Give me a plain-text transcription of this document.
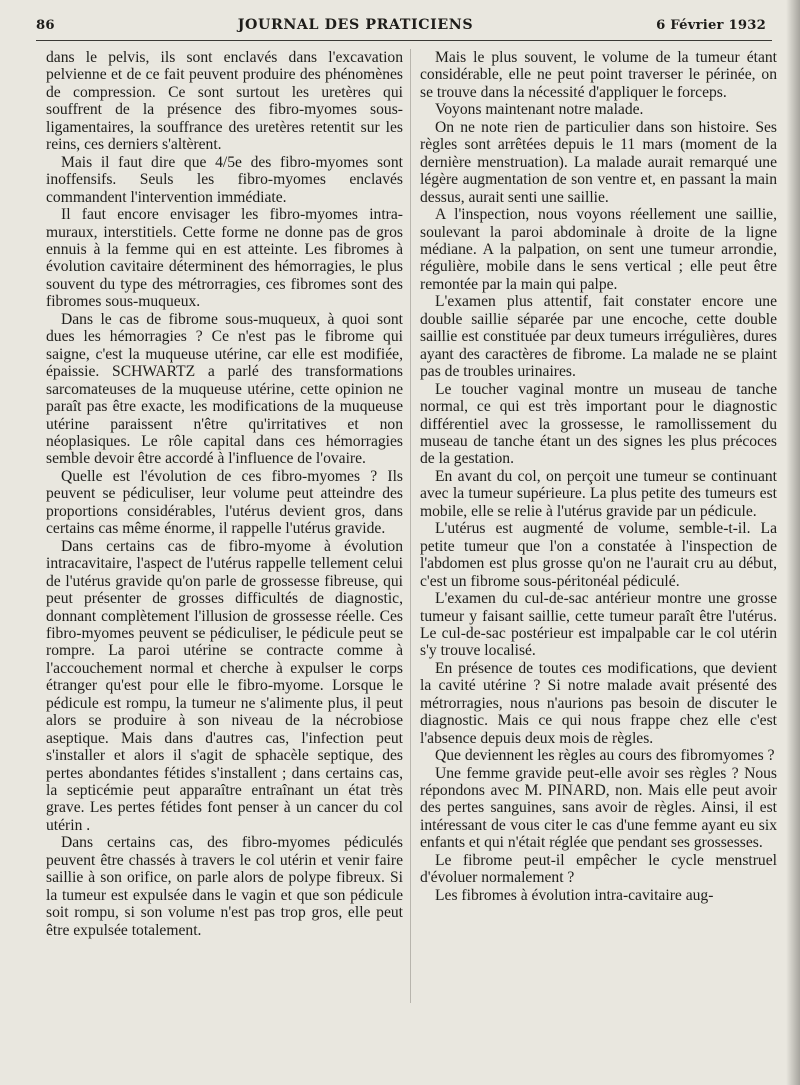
86	JOURNAL DES PRATICIENS	6 Février 1932

dans le pelvis, ils sont enclavés dans l'excavation pelvienne et de ce fait peuvent produire des phénomènes de compression. Ce sont surtout les uretères qui souffrent de la présence des fibro-myomes sous-ligamentaires, la souffrance des uretères retentit sur les reins, ces derniers s'altèrent.

Mais il faut dire que 4/5e des fibro-myomes sont inoffensifs. Seuls les fibro-myomes enclavés commandent l'intervention immédiate.

Il faut encore envisager les fibro-myomes intra-muraux, interstitiels. Cette forme ne donne pas de gros ennuis à la femme qui en est atteinte. Les fibromes à évolution cavitaire déterminent des hémorragies, le plus souvent du type des métrorragies, ces fibromes sont des fibromes sous-muqueux.

Dans le cas de fibrome sous-muqueux, à quoi sont dues les hémorragies ? Ce n'est pas le fibrome qui saigne, c'est la muqueuse utérine, car elle est modifiée, épaissie. SCHWARTZ a parlé des transformations sarcomateuses de la muqueuse utérine, cette opinion ne paraît pas être exacte, les modifications de la muqueuse utérine paraissent n'être qu'irritatives et non néoplasiques. Le rôle capital dans ces hémorragies semble devoir être accordé à l'influence de l'ovaire.

Quelle est l'évolution de ces fibro-myomes ? Ils peuvent se pédiculiser, leur volume peut atteindre des proportions considérables, l'utérus devient gros, dans certains cas même énorme, il rappelle l'utérus gravide.

Dans certains cas de fibro-myome à évolution intracavitaire, l'aspect de l'utérus rappelle tellement celui de l'utérus gravide qu'on parle de grossesse fibreuse, qui peut présenter de grosses difficultés de diagnostic, donnant complètement l'illusion de grossesse réelle. Ces fibro-myomes peuvent se pédiculiser, le pédicule peut se rompre. La paroi utérine se contracte comme à l'accouchement normal et cherche à expulser le corps étranger qu'est pour elle le fibro-myome. Lorsque le pédicule est rompu, la tumeur ne s'alimente plus, il peut alors se produire à son niveau de la nécrobiose aseptique. Mais dans d'autres cas, l'infection peut s'installer et alors il s'agit de sphacèle septique, des pertes abondantes fétides s'installent ; dans certains cas, la septicémie peut apparaître entraînant un état très grave. Les pertes fétides font penser à un cancer du col utérin .

Dans certains cas, des fibro-myomes pédiculés peuvent être chassés à travers le col utérin et venir faire saillie à son orifice, on parle alors de polype fibreux. Si la tumeur est expulsée dans le vagin et que son pédicule soit rompu, si son volume n'est pas trop gros, elle peut être expulsée totalement.

Mais le plus souvent, le volume de la tumeur étant considérable, elle ne peut point traverser le périnée, on se trouve dans la nécessité d'appliquer le forceps.

Voyons maintenant notre malade.

On ne note rien de particulier dans son histoire. Ses règles sont arrêtées depuis le 11 mars (moment de la dernière menstruation). La malade aurait remarqué une légère augmentation de son ventre et, en passant la main dessus, aurait senti une saillie.

A l'inspection, nous voyons réellement une saillie, soulevant la paroi abdominale à droite de la ligne médiane. A la palpation, on sent une tumeur arrondie, régulière, mobile dans le sens vertical ; elle peut être remontée par la main qui palpe.

L'examen plus attentif, fait constater encore une double saillie séparée par une encoche, cette double saillie est constituée par deux tumeurs irrégulières, dures ayant des caractères de fibrome. La malade ne se plaint pas de troubles urinaires.

Le toucher vaginal montre un museau de tanche normal, ce qui est très important pour le diagnostic différentiel avec la grossesse, le ramollissement du museau de tanche étant un des signes les plus précoces de la gestation.

En avant du col, on perçoit une tumeur se continuant avec la tumeur supérieure. La plus petite des tumeurs est mobile, elle se relie à l'utérus gravide par un pédicule.

L'utérus est augmenté de volume, semble-t-il. La petite tumeur que l'on a constatée à l'inspection de l'abdomen est plus grosse qu'on ne l'aurait cru au début, c'est un fibrome sous-péritonéal pédiculé.

L'examen du cul-de-sac antérieur montre une grosse tumeur y faisant saillie, cette tumeur paraît être l'utérus. Le cul-de-sac postérieur est impalpable car le col utérin s'y trouve localisé.

En présence de toutes ces modifications, que devient la cavité utérine ? Si notre malade avait présenté des métrorragies, nous n'aurions pas besoin de discuter le diagnostic. Mais ce qui nous frappe chez elle c'est l'absence depuis deux mois de règles.

Que deviennent les règles au cours des fibromyomes ?

Une femme gravide peut-elle avoir ses règles ? Nous répondons avec M. PINARD, non. Mais elle peut avoir des pertes sanguines, sans avoir de règles. Ainsi, il est intéressant de vous citer le cas d'une femme ayant eu six enfants et qui n'était réglée que pendant ses grossesses.

Le fibrome peut-il empêcher le cycle menstruel d'évoluer normalement ?

Les fibromes à évolution intra-cavitaire aug-
